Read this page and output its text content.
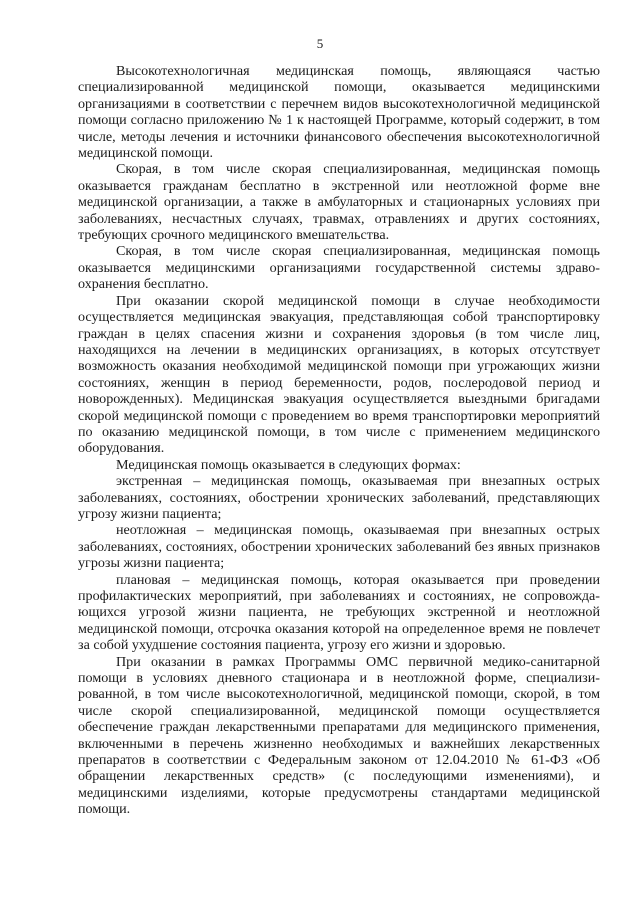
5

Высокотехнологичная медицинская помощь, являющаяся частью специализированной медицинской помощи, оказывается медицинскими организациями в соответствии с перечнем видов высокотехнологичной медицинской помощи согласно приложению № 1 к настоящей Программе, который содержит, в том числе, методы лечения и источники финансового обеспечения высокотехнологичной медицинской помощи.

Скорая, в том числе скорая специализированная, медицинская помощь оказывается гражданам бесплатно в экстренной или неотложной форме вне медицинской организации, а также в амбулаторных и стационарных условиях при заболеваниях, несчастных случаях, травмах, отравлениях и других состояниях, требующих срочного медицинского вмешательства.

Скорая, в том числе скорая специализированная, медицинская помощь оказывается медицинскими организациями государственной системы здравоохранения бесплатно.

При оказании скорой медицинской помощи в случае необходимости осуществляется медицинская эвакуация, представляющая собой транспортировку граждан в целях спасения жизни и сохранения здоровья (в том числе лиц, находящихся на лечении в медицинских организациях, в которых отсутствует возможность оказания необходимой медицинской помощи при угрожающих жизни состояниях, женщин в период беременности, родов, послеродовой период и новорожденных). Медицинская эвакуация осуществляется выездными бригадами скорой медицинской помощи с проведением во время транспортировки мероприятий по оказанию медицинской помощи, в том числе с применением медицинского оборудования.

Медицинская помощь оказывается в следующих формах:

экстренная – медицинская помощь, оказываемая при внезапных острых заболеваниях, состояниях, обострении хронических заболеваний, представляющих угрозу жизни пациента;

неотложная – медицинская помощь, оказываемая при внезапных острых заболеваниях, состояниях, обострении хронических заболеваний без явных признаков угрозы жизни пациента;

плановая – медицинская помощь, которая оказывается при проведении профилактических мероприятий, при заболеваниях и состояниях, не сопровождающихся угрозой жизни пациента, не требующих экстренной и неотложной медицинской помощи, отсрочка оказания которой на определенное время не повлечет за собой ухудшение состояния пациента, угрозу его жизни и здоровью.

При оказании в рамках Программы ОМС первичной медико-санитарной помощи в условиях дневного стационара и в неотложной форме, специализированной, в том числе высокотехнологичной, медицинской помощи, скорой, в том числе скорой специализированной, медицинской помощи осуществляется обеспечение граждан лекарственными препаратами для медицинского применения, включенными в перечень жизненно необходимых и важнейших лекарственных препаратов в соответствии с Федеральным законом от 12.04.2010 № 61-ФЗ «Об обращении лекарственных средств» (с последующими изменениями), и медицинскими изделиями, которые предусмотрены стандартами медицинской помощи.
